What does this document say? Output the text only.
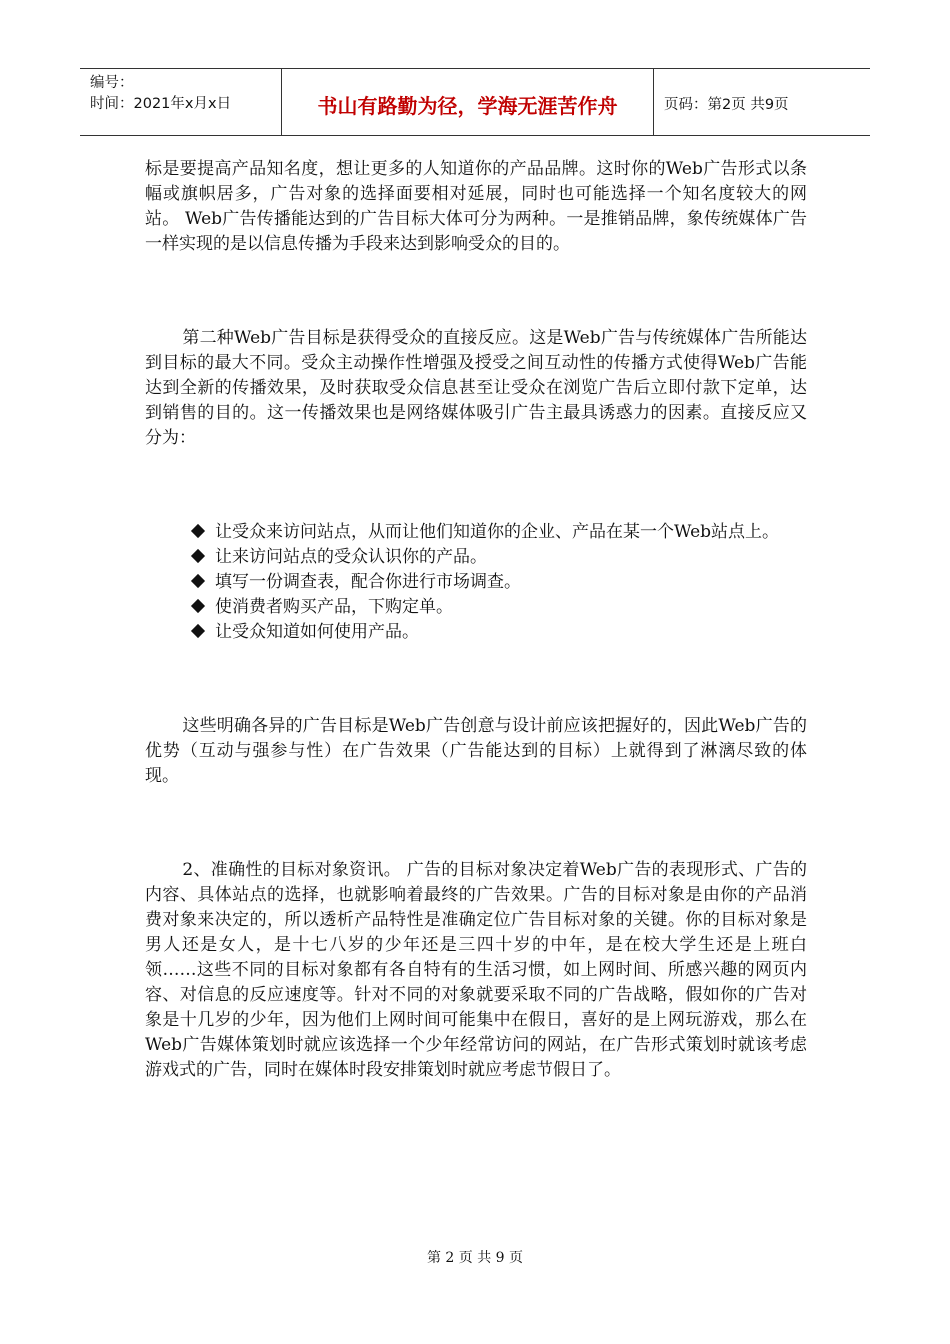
编号：
时间：2021年x月x日	书山有路勤为径，学海无涯苦作舟	页码：第2页 共9页

标是要提高产品知名度，想让更多的人知道你的产品品牌。这时你的Web广告形式以条幅或旗帜居多，广告对象的选择面要相对延展，同时也可能选择一个知名度较大的网站。 Web广告传播能达到的广告目标大体可分为两种。一是推销品牌，象传统媒体广告一样实现的是以信息传播为手段来达到影响受众的目的。

第二种Web广告目标是获得受众的直接反应。这是Web广告与传统媒体广告所能达到目标的最大不同。受众主动操作性增强及授受之间互动性的传播方式使得Web广告能达到全新的传播效果，及时获取受众信息甚至让受众在浏览广告后立即付款下定单，达到销售的目的。这一传播效果也是网络媒体吸引广告主最具诱惑力的因素。直接反应又分为：

让受众来访问站点，从而让他们知道你的企业、产品在某一个Web站点上。
让来访问站点的受众认识你的产品。
填写一份调查表，配合你进行市场调查。
使消费者购买产品，下购定单。
让受众知道如何使用产品。

这些明确各异的广告目标是Web广告创意与设计前应该把握好的，因此Web广告的优势（互动与强参与性）在广告效果（广告能达到的目标）上就得到了淋漓尽致的体现。

2、准确性的目标对象资讯。 广告的目标对象决定着Web广告的表现形式、广告的内容、具体站点的选择，也就影响着最终的广告效果。广告的目标对象是由你的产品消费对象来决定的，所以透析产品特性是准确定位广告目标对象的关键。你的目标对象是男人还是女人，是十七八岁的少年还是三四十岁的中年，是在校大学生还是上班白领……这些不同的目标对象都有各自特有的生活习惯，如上网时间、所感兴趣的网页内容、对信息的反应速度等。针对不同的对象就要采取不同的广告战略，假如你的广告对象是十几岁的少年，因为他们上网时间可能集中在假日，喜好的是上网玩游戏，那么在Web广告媒体策划时就应该选择一个少年经常访问的网站，在广告形式策划时就该考虑游戏式的广告，同时在媒体时段安排策划时就应考虑节假日了。

第 2 页 共 9 页
